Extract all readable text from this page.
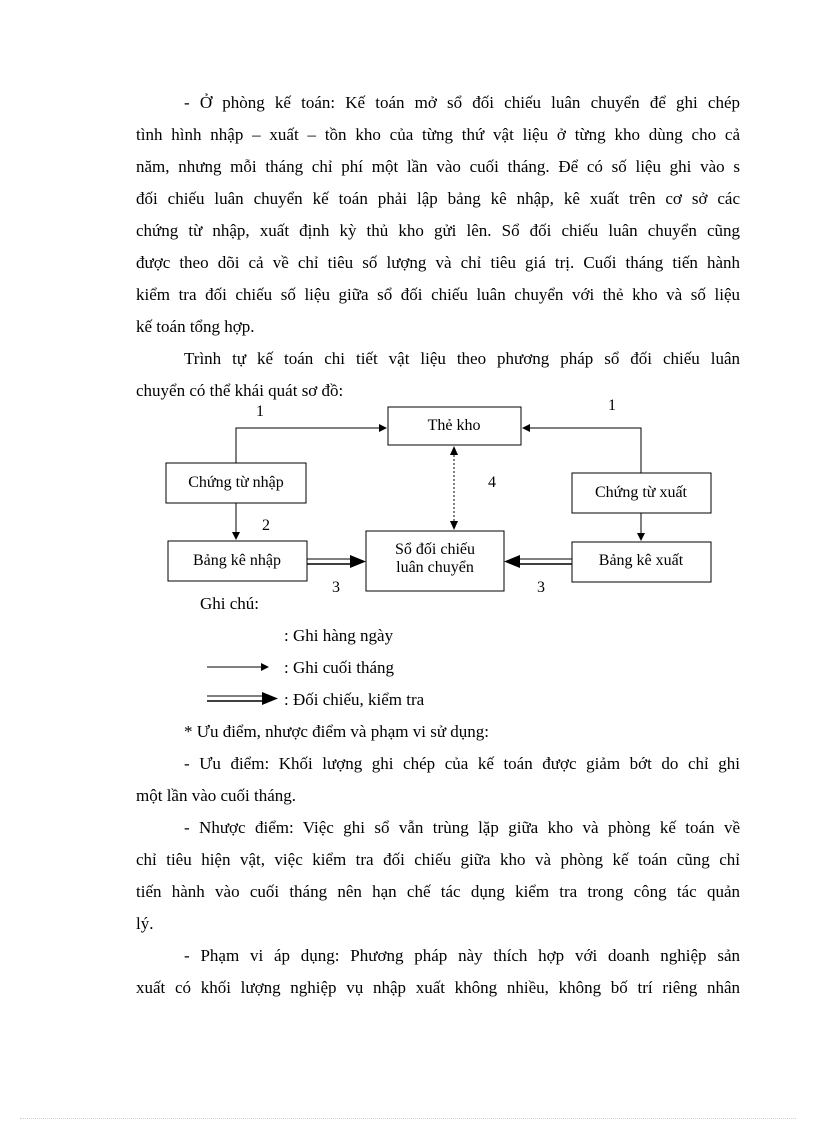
- Ở phòng kế toán: Kế toán mở sổ đối chiếu luân chuyển để ghi chép
tình hình nhập – xuất – tồn kho của từng thứ vật liệu ở từng kho dùng cho cả
năm, nhưng mỗi tháng chỉ phí một lần vào cuối tháng. Để có số liệu ghi vào s
đối chiếu luân chuyển kế toán phải lập bảng kê nhập, kê xuất trên cơ sở các
chứng từ nhập, xuất định kỳ thủ kho gửi lên. Sổ đối chiếu luân chuyển cũng
được theo dõi cả về chỉ tiêu số lượng và chỉ tiêu giá trị. Cuối tháng tiến hành
kiểm tra đối chiếu số liệu giữa sổ đối chiếu luân chuyển với thẻ kho và số liệu
kế toán tổng hợp.
Trình tự kế toán chi tiết vật liệu theo phương pháp sổ đối chiếu luân
chuyển có thể khái quát sơ đồ:
Thẻ kho
Chứng từ nhập
Chứng từ xuất
Bảng kê nhập
Sổ đối chiếu
luân chuyển	Bảng kê xuất
1	1
2
3	3
4
Ghi chú:
: Ghi hàng ngày
: Ghi cuối tháng
: Đối chiếu, kiểm tra
* Ưu điểm, nhược điểm và phạm vi sử dụng:
- Ưu điểm: Khối lượng ghi chép của kế toán được giảm bớt do chỉ ghi
một lần vào cuối tháng.
- Nhược điểm: Việc ghi sổ vẫn trùng lặp giữa kho và phòng kế toán về
chỉ tiêu hiện vật, việc kiểm tra đối chiếu giữa kho và phòng kế toán cũng chỉ
tiến hành vào cuối tháng nên hạn chế tác dụng kiểm tra trong công tác quản
lý.
- Phạm vi áp dụng: Phương pháp này thích hợp với doanh nghiệp sản
xuất có khối lượng nghiệp vụ nhập xuất không nhiều, không bố trí riêng nhân
